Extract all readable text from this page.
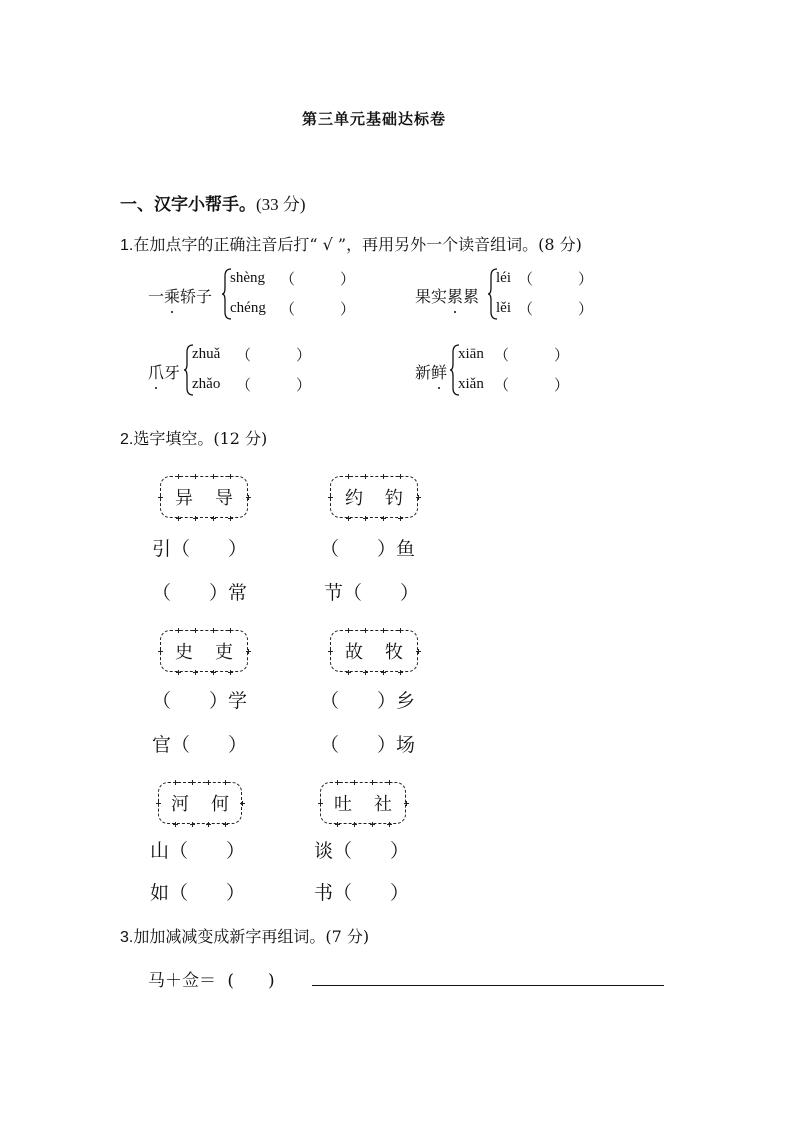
第三单元基础达标卷
一、汉字小帮手。(33 分)
1.在加点字的正确注音后打“ √ ”，再用另外一个读音组词。(8 分)
一乘轿子
shèng （　　　）
chéng （　　　）
果实累累
léi （　　　）
lěi （　　　）
爪牙
zhuǎ （　　　）
zhǎo （　　　）
新鲜
xiān （　　　）
xiǎn （　　　）
2.选字填空。(12 分)
异 导
引（　　）
（　　）常
约 钓
（　　）鱼
节（　　）
史 吏
（　　）学
官（　　）
故 牧
（　　）乡
（　　）场
河 何
山（　　）
如（　　）
吐 社
谈（　　）
书（　　）
3.加加减减变成新字再组词。(7 分)
马＋佥＝ (　　)
